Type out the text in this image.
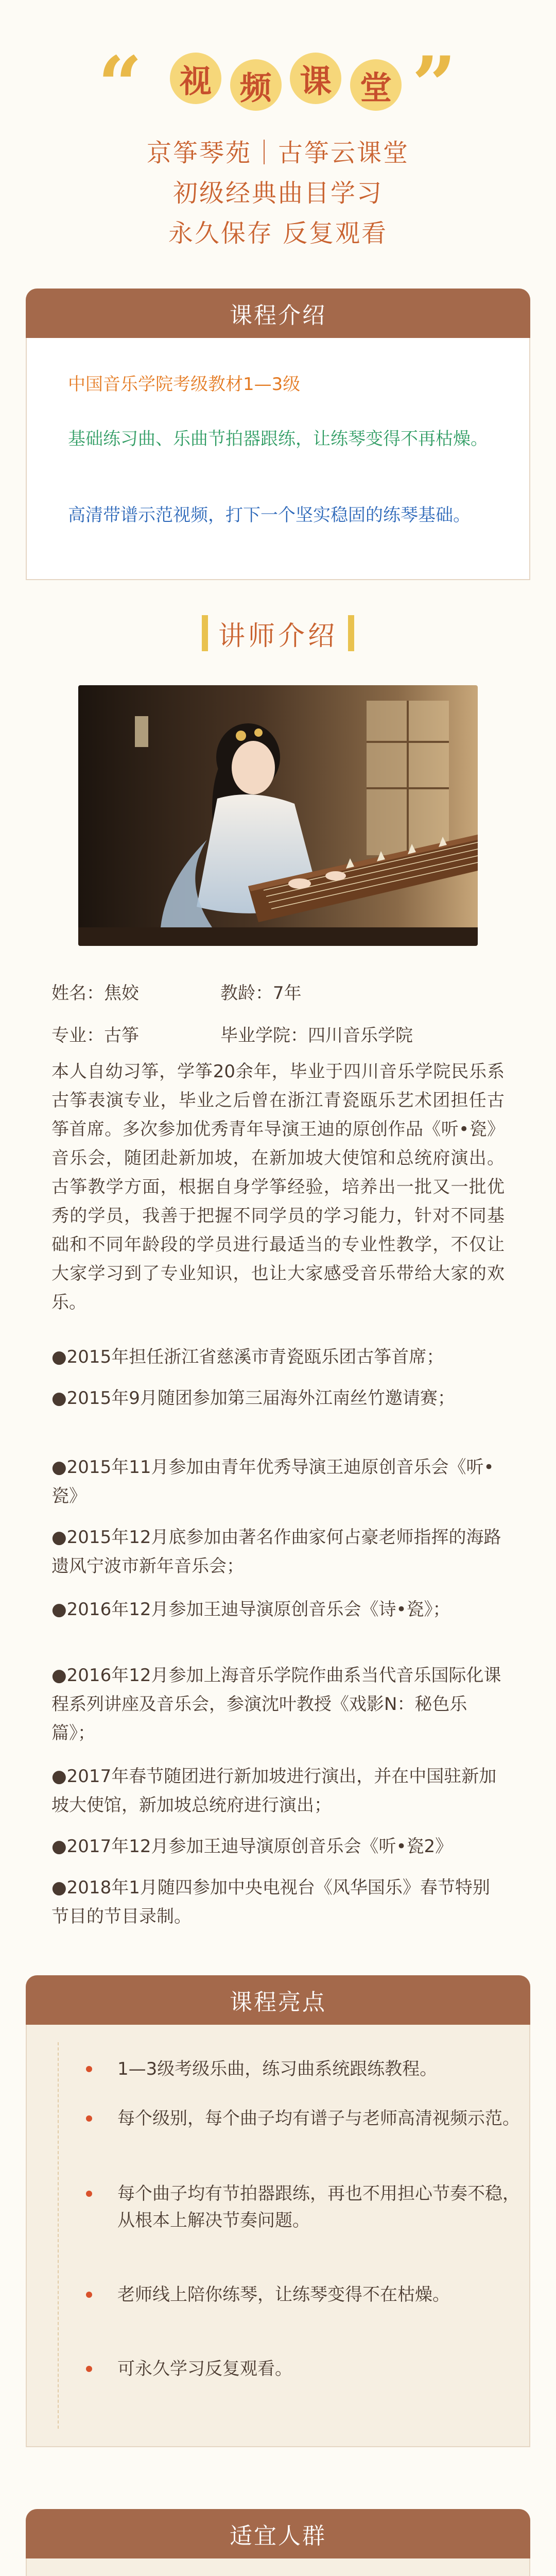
“	视 频 课 堂 ”
京筝琴苑｜古筝云课堂
初级经典曲目学习
永久保存 反复观看
课程介绍
中国音乐学院考级教材1—3级
基础练习曲、乐曲节拍器跟练，让练琴变得不再枯燥。
高清带谱示范视频，打下一个坚实稳固的练琴基础。
讲师介绍
姓名：焦姣	教龄：7年
专业：古筝	毕业学院：四川音乐学院
本人自幼习筝，学筝20余年，毕业于四川音乐学院民乐系古筝表演专业，毕业之后曾在浙江青瓷瓯乐艺术团担任古筝首席。多次参加优秀青年导演王迪的原创作品《听•瓷》音乐会，随团赴新加坡，在新加坡大使馆和总统府演出。古筝教学方面，根据自身学筝经验，培养出一批又一批优秀的学员，我善于把握不同学员的学习能力，针对不同基础和不同年龄段的学员进行最适当的专业性教学，不仅让大家学习到了专业知识，也让大家感受音乐带给大家的欢乐。
●2015年担任浙江省慈溪市青瓷瓯乐团古筝首席；
●2015年9月随团参加第三届海外江南丝竹邀请赛；
●2015年11月参加由青年优秀导演王迪原创音乐会《听•瓷》
●2015年12月底参加由著名作曲家何占豪老师指挥的海路遗风宁波市新年音乐会；
●2016年12月参加王迪导演原创音乐会《诗•瓷》；
●2016年12月参加上海音乐学院作曲系当代音乐国际化课程系列讲座及音乐会，参演沈叶教授《戏影N：秘色乐篇》；
●2017年春节随团进行新加坡进行演出，并在中国驻新加坡大使馆，新加坡总统府进行演出；
●2017年12月参加王迪导演原创音乐会《听•瓷2》
●2018年1月随四参加中央电视台《风华国乐》春节特别节目的节目录制。
课程亮点
1—3级考级乐曲，练习曲系统跟练教程。
每个级别，每个曲子均有谱子与老师高清视频示范。
每个曲子均有节拍器跟练，再也不用担心节奏不稳，从根本上解决节奏问题。
老师线上陪你练琴，让练琴变得不在枯燥。
可永久学习反复观看。
适宜人群
